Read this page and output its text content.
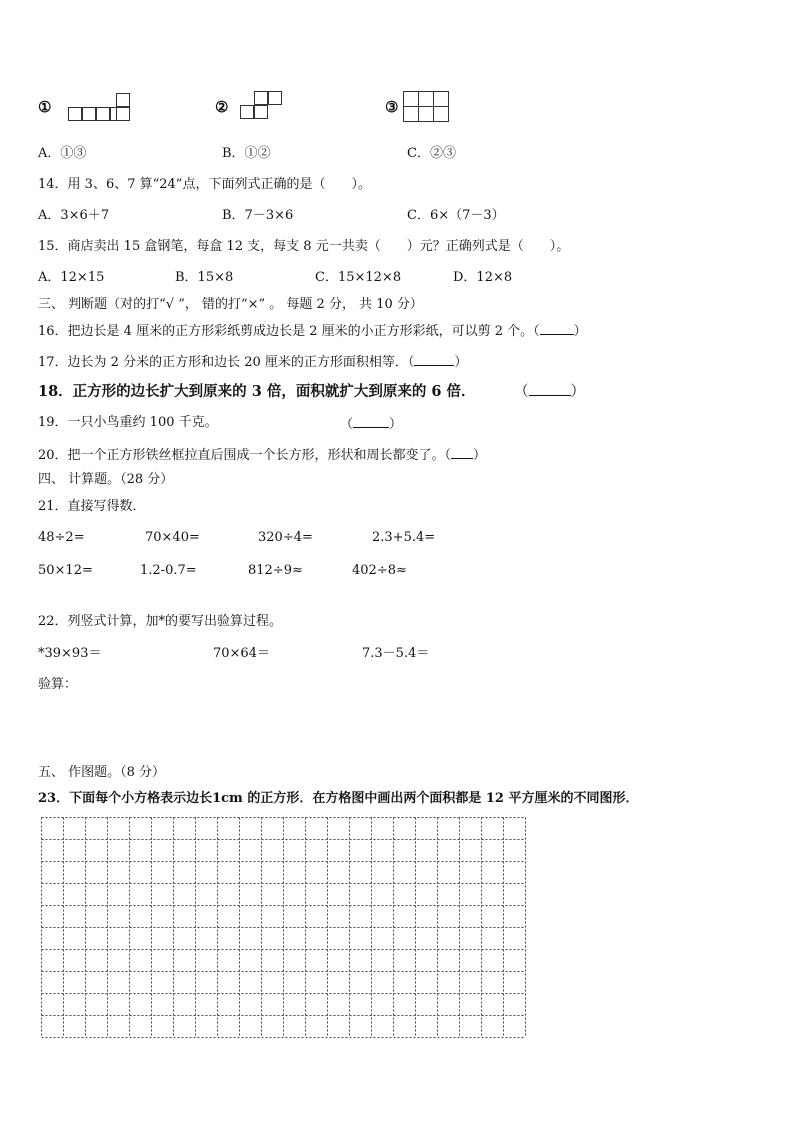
①	②	③
A．①③	B．①②	C．②③
14．用 3、6、7 算“24”点，下面列式正确的是（　　）。
A．3×6＋7	B．7－3×6	C．6×（7－3）
15．商店卖出 15 盒钢笔，每盒 12 支，每支 8 元一共卖（　　）元？正确列式是（　　）。
A．12×15	B．15×8	C．15×12×8	D．12×8
三、 判断题（对的打“√ ”， 错的打“×” 。 每题 2 分， 共 10 分）
16．把边长是 4 厘米的正方形彩纸剪成边长是 2 厘米的小正方形彩纸，可以剪 2 个。（	）
17．边长为 2 分米的正方形和边长 20 厘米的正方形面积相等．（	）
18．正方形的边长扩大到原来的 3 倍，面积就扩大到原来的 6 倍．	（	）
19．一只小鸟重约 100 千克。	（	）
20．把一个正方形铁丝框拉直后围成一个长方形，形状和周长都变了。（ ）
四、 计算题。（28 分）
21．直接写得数．
48÷2=	70×40=	320÷4=	2.3+5.4=
50×12=	1.2-0.7=	812÷9≈	402÷8≈
22．列竖式计算，加*的要写出验算过程。
*39×93＝	70×64＝	7.3－5.4＝
验算：
五、 作图题。（8 分）
23．下面每个小方格表示边长1cm 的正方形．在方格图中画出两个面积都是 12 平方厘米的不同图形．
